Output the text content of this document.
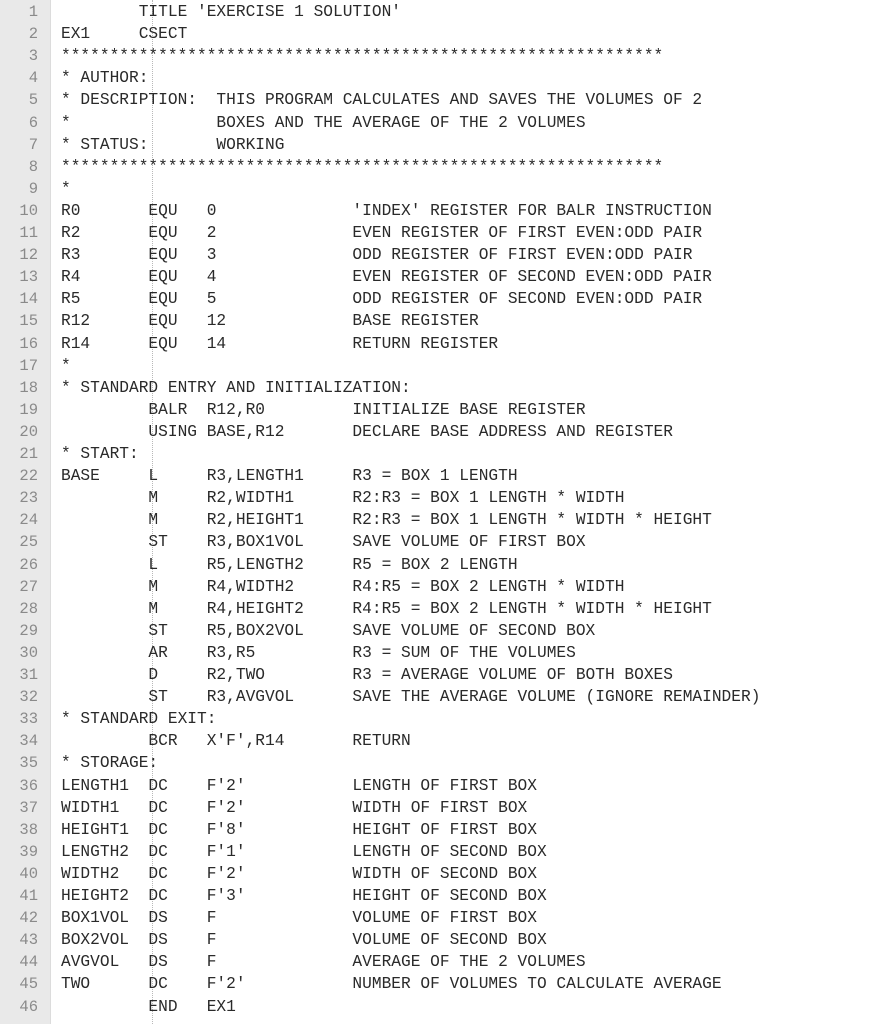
1 TITLE 'EXERCISE 1 SOLUTION'
2 EX1     CSECT
3 **************************************************************
4 * AUTHOR:
5 * DESCRIPTION:  THIS PROGRAM CALCULATES AND SAVES THE VOLUMES OF 2
6 *               BOXES AND THE AVERAGE OF THE 2 VOLUMES
7 * STATUS:       WORKING
8 **************************************************************
9 *
10 R0       EQU   0              'INDEX' REGISTER FOR BALR INSTRUCTION
11 R2       EQU   2              EVEN REGISTER OF FIRST EVEN:ODD PAIR
12 R3       EQU   3              ODD REGISTER OF FIRST EVEN:ODD PAIR
13 R4       EQU   4              EVEN REGISTER OF SECOND EVEN:ODD PAIR
14 R5       EQU   5              ODD REGISTER OF SECOND EVEN:ODD PAIR
15 R12      EQU   12             BASE REGISTER
16 R14      EQU   14             RETURN REGISTER
17 *
18 * STANDARD ENTRY AND INITIALIZATION:
19 BALR  R12,R0         INITIALIZE BASE REGISTER
20 USING BASE,R12       DECLARE BASE ADDRESS AND REGISTER
21 * START:
22 BASE     L     R3,LENGTH1     R3 = BOX 1 LENGTH
23 M     R2,WIDTH1      R2:R3 = BOX 1 LENGTH * WIDTH
24 M     R2,HEIGHT1     R2:R3 = BOX 1 LENGTH * WIDTH * HEIGHT
25 ST    R3,BOX1VOL     SAVE VOLUME OF FIRST BOX
26 L     R5,LENGTH2     R5 = BOX 2 LENGTH
27 M     R4,WIDTH2      R4:R5 = BOX 2 LENGTH * WIDTH
28 M     R4,HEIGHT2     R4:R5 = BOX 2 LENGTH * WIDTH * HEIGHT
29 ST    R5,BOX2VOL     SAVE VOLUME OF SECOND BOX
30 AR    R3,R5          R3 = SUM OF THE VOLUMES
31 D     R2,TWO         R3 = AVERAGE VOLUME OF BOTH BOXES
32 ST    R3,AVGVOL      SAVE THE AVERAGE VOLUME (IGNORE REMAINDER)
33 * STANDARD EXIT:
34 BCR   X'F',R14       RETURN
35 * STORAGE:
36 LENGTH1  DC    F'2'           LENGTH OF FIRST BOX
37 WIDTH1   DC    F'2'           WIDTH OF FIRST BOX
38 HEIGHT1  DC    F'8'           HEIGHT OF FIRST BOX
39 LENGTH2  DC    F'1'           LENGTH OF SECOND BOX
40 WIDTH2   DC    F'2'           WIDTH OF SECOND BOX
41 HEIGHT2  DC    F'3'           HEIGHT OF SECOND BOX
42 BOX1VOL  DS    F              VOLUME OF FIRST BOX
43 BOX2VOL  DS    F              VOLUME OF SECOND BOX
44 AVGVOL   DS    F              AVERAGE OF THE 2 VOLUMES
45 TWO      DC    F'2'           NUMBER OF VOLUMES TO CALCULATE AVERAGE
46 END   EX1
